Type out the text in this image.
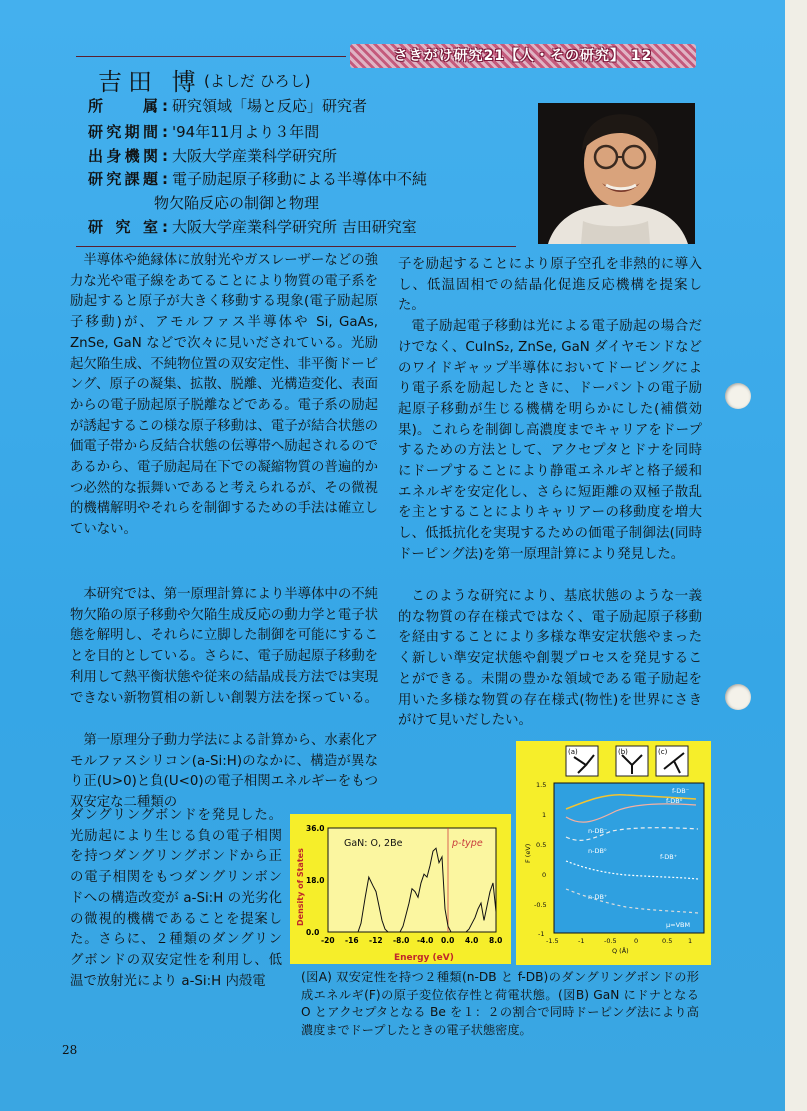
さきがけ研究21【人・その研究】 12
吉田 博 (よしだ ひろし)
所属 : 研究領域「場と反応」研究者
研究期間 : '94年11月より３年間
出身機関 : 大阪大学産業科学研究所
研究課題 : 電子励起原子移動による半導体中不純
物欠陥反応の制御と物理
研究室 : 大阪大学産業科学研究所 吉田研究室

半導体や絶縁体に放射光やガスレーザーなどの強力な光や電子線をあてることにより物質の電子系を励起すると原子が大きく移動する現象(電子励起原子移動)が、アモルファス半導体や Si, GaAs, ZnSe, GaN などで次々に見いだされている。光励起欠陥生成、不純物位置の双安定性、非平衡ドーピング、原子の凝集、拡散、脱離、光構造変化、表面からの電子励起原子脱離などである。電子系の励起が誘起するこの様な原子移動は、電子が結合状態の価電子帯から反結合状態の伝導帯へ励起されるのであるから、電子励起局在下での凝縮物質の普遍的かつ必然的な振舞いであると考えられるが、その微視的機構解明やそれらを制御するための手法は確立していない。

本研究では、第一原理計算により半導体中の不純物欠陥の原子移動や欠陥生成反応の動力学と電子状態を解明し、それらに立脚した制御を可能にすることを目的としている。さらに、電子励起原子移動を利用して熱平衡状態や従来の結晶成長方法では実現できない新物質相の新しい創製方法を探っている。

第一原理分子動力学法による計算から、水素化アモルファスシリコン(a-Si:H)のなかに、構造が異なり正(U>0)と負(U<0)の電子相関エネルギーをもつ双安定な二種類の

ダングリングボンドを発見した。光励起により生じる負の電子相関を持つダングリングボンドから正の電子相関をもつダングリンボンドへの構造改変が a-Si:H の光劣化の微視的機構であることを提案した。さらに、２種類のダングリングボンドの双安定性を利用し、低温で放射光により a-Si:H 内殻電

子を励起することにより原子空孔を非熱的に導入し、低温固相での結晶化促進反応機構を提案した。

電子励起電子移動は光による電子励起の場合だけでなく、CuInS₂, ZnSe, GaN ダイヤモンドなどのワイドギャップ半導体においてドーピングにより電子系を励起したときに、ドーパントの電子励起原子移動が生じる機構を明らかにした(補償効果)。これらを制御し高濃度までキャリアをドープするための方法として、アクセプタとドナを同時にドープすることにより静電エネルギと格子緩和エネルギを安定化し、さらに短距離の双極子散乱を主とすることによりキャリアーの移動度を増大し、低抵抗化を実現するための価電子制御法(同時ドーピング法)を第一原理計算により発見した。

このような研究により、基底状態のような一義的な物質の存在様式ではなく、電子励起原子移動を経由することにより多様な準安定状態やまったく新しい準安定状態や創製プロセスを発見することができる。未開の豊かな領域である電子励起を用いた多様な物質の存在様式(物性)を世界にさきがけて見いだしたい。

(a)	(b)	(c)
1.5
1
0.5
0
-0.5
-1
-1.5	-1	-0.5	0	0.5 1
Q (Å)
F (eV)
n-DB⁻
n-DB⁰
n-DB⁺
f-DB⁻
f-DB⁰
f-DB⁺
μ=VBM
GaN: O, 2Be	p-type
Energy (eV)
Density of States
-20 -16 -12 -8.0 -4.0 0.0 4.0 8.0
0.0
18.0
36.0
(図A) 双安定性を持つ２種類(n-DB と f-DB)のダングリングボンドの形成エネルギ(F)の原子変位依存性と荷電状態。(図B) GaN にドナとなる O とアクセプタとなる Be を１：２の割合で同時ドーピング法により高濃度までドープしたときの電子状態密度。
28
